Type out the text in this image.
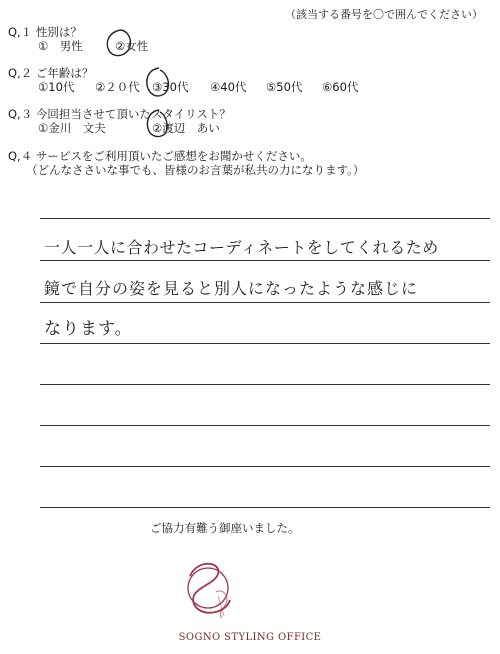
（該当する番号を〇で囲んでください）
Q,１ 性別は？
①　男性	②女性
Q,２ ご年齢は？
①10代 ②２０代 ③30代 ④40代 ⑤50代 ⑥60代
Q,３ 今回担当させて頂いたスタイリスト？
①金川　文夫	②渡辺　あい
Q,４ サービスをご利用頂いたご感想をお聞かせください。
（どんなささいな事でも、皆様のお言葉が私共の力になります。）
一人一人に合わせたコーディネートをしてくれるため
鏡で自分の姿を見ると別人になったような感じに
なります。
ご協力有難う御座いました。
SOGNO STYLING OFFICE
